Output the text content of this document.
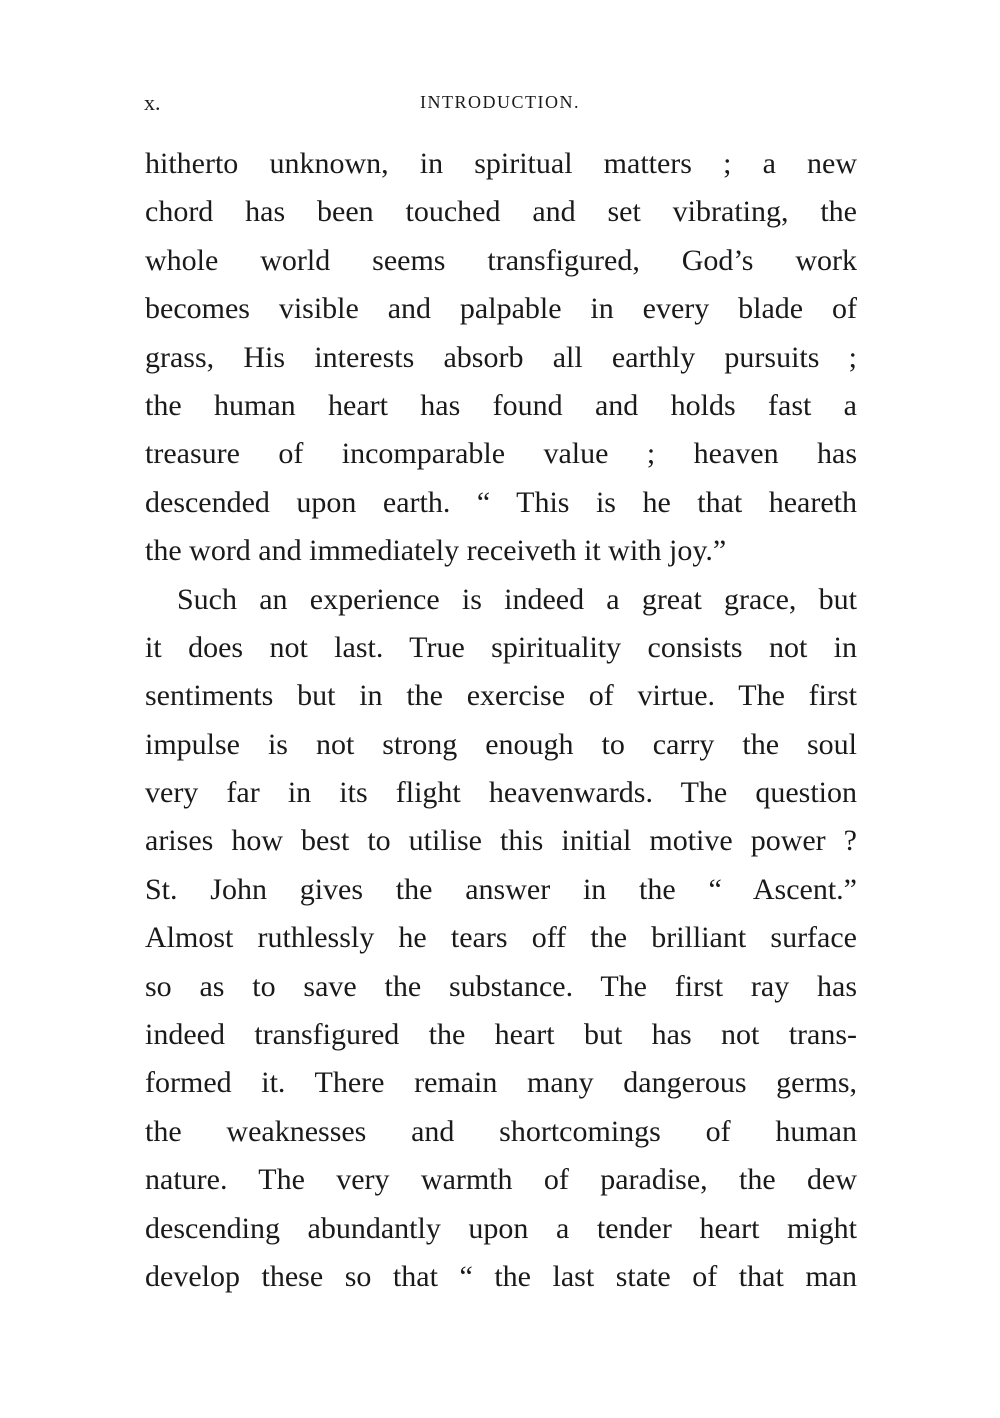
x.	INTRODUCTION.
hitherto unknown, in spiritual matters ; a new
chord has been touched and set vibrating, the
whole world seems transfigured, God’s work
becomes visible and palpable in every blade of
grass, His interests absorb all earthly pursuits ;
the human heart has found and holds fast a
treasure of incomparable value ; heaven has
descended upon earth. “ This is he that heareth
the word and immediately receiveth it with joy.”
Such an experience is indeed a great grace, but
it does not last. True spirituality consists not in
sentiments but in the exercise of virtue. The first
impulse is not strong enough to carry the soul
very far in its flight heavenwards. The question
arises how best to utilise this initial motive power ?
St. John gives the answer in the “ Ascent.”
Almost ruthlessly he tears off the brilliant surface
so as to save the substance. The first ray has
indeed transfigured the heart but has not trans-
formed it. There remain many dangerous germs,
the weaknesses and shortcomings of human
nature. The very warmth of paradise, the dew
descending abundantly upon a tender heart might
develop these so that “ the last state of that man
